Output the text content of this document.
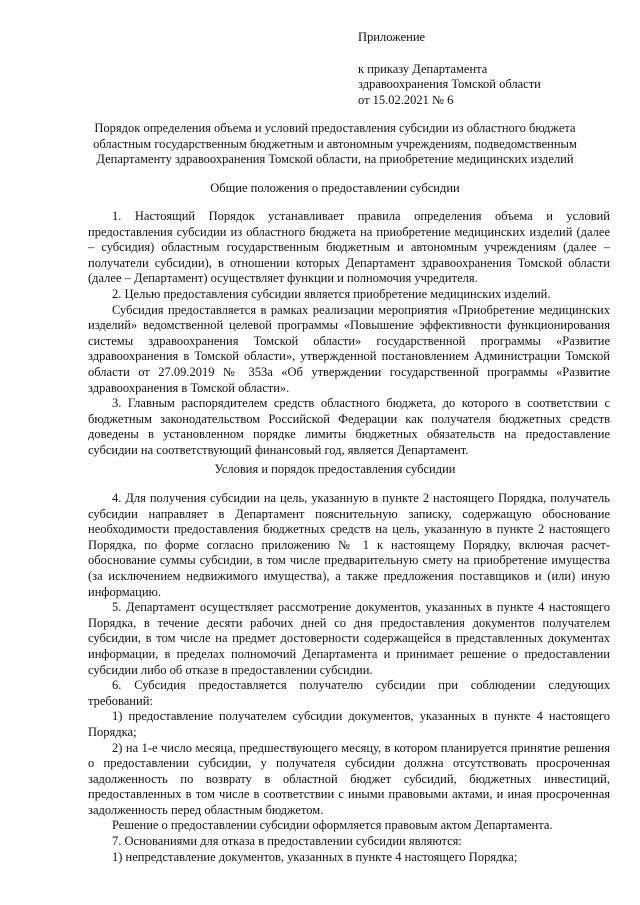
Приложение
к приказу Департамента
здравоохранения Томской области
от 15.02.2021 № 6
Порядок определения объема и условий предоставления субсидии из областного бюджета областным государственным бюджетным и автономным учреждениям, подведомственным Департаменту здравоохранения Томской области, на приобретение медицинских изделий
Общие положения о предоставлении субсидии

1. Настоящий Порядок устанавливает правила определения объема и условий предоставления субсидии из областного бюджета на приобретение медицинских изделий (далее – субсидия) областным государственным бюджетным и автономным учреждениям (далее – получатели субсидии), в отношении которых Департамент здравоохранения Томской области (далее – Департамент) осуществляет функции и полномочия учредителя.

2. Целью предоставления субсидии является приобретение медицинских изделий.

Субсидия предоставляется в рамках реализации мероприятия «Приобретение медицинских изделий» ведомственной целевой программы «Повышение эффективности функционирования системы здравоохранения Томской области» государственной программы «Развитие здравоохранения в Томской области», утвержденной постановлением Администрации Томской области от 27.09.2019 № 353а «Об утверждении государственной программы «Развитие здравоохранения в Томской области».

3. Главным распорядителем средств областного бюджета, до которого в соответствии с бюджетным законодательством Российской Федерации как получателя бюджетных средств доведены в установленном порядке лимиты бюджетных обязательств на предоставление субсидии на соответствующий финансовый год, является Департамент.

Условия и порядок предоставления субсидии

4. Для получения субсидии на цель, указанную в пункте 2 настоящего Порядка, получатель субсидии направляет в Департамент пояснительную записку, содержащую обоснование необходимости предоставления бюджетных средств на цель, указанную в пункте 2 настоящего Порядка, по форме согласно приложению № 1 к настоящему Порядку, включая расчет-обоснование суммы субсидии, в том числе предварительную смету на приобретение имущества (за исключением недвижимого имущества), а также предложения поставщиков и (или) иную информацию.

5. Департамент осуществляет рассмотрение документов, указанных в пункте 4 настоящего Порядка, в течение десяти рабочих дней со дня предоставления документов получателем субсидии, в том числе на предмет достоверности содержащейся в представленных документах информации, в пределах полномочий Департамента и принимает решение о предоставлении субсидии либо об отказе в предоставлении субсидии.

6. Субсидия предоставляется получателю субсидии при соблюдении следующих требований:

1) предоставление получателем субсидии документов, указанных в пункте 4 настоящего Порядка;

2) на 1-е число месяца, предшествующего месяцу, в котором планируется принятие решения о предоставлении субсидии, у получателя субсидии должна отсутствовать просроченная задолженность по возврату в областной бюджет субсидий, бюджетных инвестиций, предоставленных в том числе в соответствии с иными правовыми актами, и иная просроченная задолженность перед областным бюджетом.

Решение о предоставлении субсидии оформляется правовым актом Департамента.

7. Основаниями для отказа в предоставлении субсидии являются:

1) непредставление документов, указанных в пункте 4 настоящего Порядка;
